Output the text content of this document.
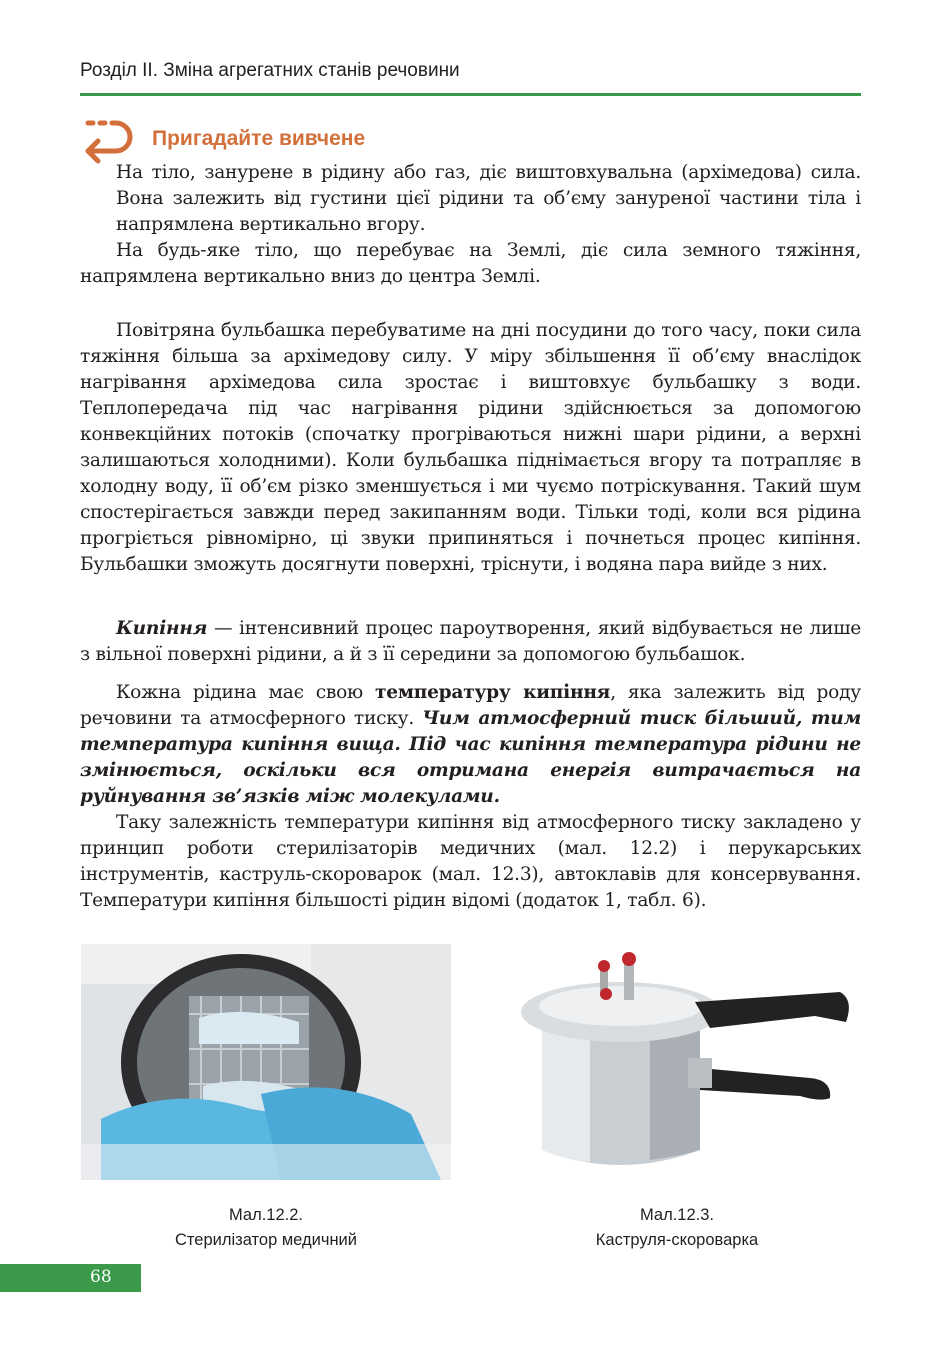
Розділ ІІ. Зміна агрегатних станів речовини
Пригадайте вивчене

На тіло, занурене в рідину або газ, діє виштовхувальна (архімедова) сила. Вона залежить від густини цієї рідини та об’єму зануреної частини тіла і напрямлена вертикально вгору.

На будь-яке тіло, що перебуває на Землі, діє сила земного тяжіння, напрямлена вертикально вниз до центра Землі.

Повітряна бульбашка перебуватиме на дні посудини до того часу, поки сила тяжіння більша за архімедову силу. У міру збільшення її об’єму внаслідок нагрівання архімедова сила зростає і виштовхує бульбашку з води. Теплопередача під час нагрівання рідини здійснюється за допомогою конвекційних потоків (спочатку прогріваються нижні шари рідини, а верхні залишаються холодними). Коли бульбашка піднімається вгору та потрапляє в холодну воду, її об’єм різко зменшується і ми чуємо потріскування. Такий шум спостерігається завжди перед закипанням води. Тільки тоді, коли вся рідина прогріється рівномірно, ці звуки припиняться і почнеться процес кипіння. Бульбашки зможуть досягнути поверхні, тріснути, і водяна пара вийде з них.

Кипіння — інтенсивний процес пароутворення, який відбувається не лише з вільної поверхні рідини, а й з її середини за допомогою бульбашок.

Кожна рідина має свою температуру кипіння, яка залежить від роду речовини та атмосферного тиску. Чим атмосферний тиск більший, тим температура кипіння вища. Під час кипіння температура рідини не змінюється, оскільки вся отримана енергія витрачається на руйнування зв’язків між молекулами.

Таку залежність температури кипіння від атмосферного тиску закладено у принцип роботи стерилізаторів медичних (мал. 12.2) і перукарських інструментів, каструль-скороварок (мал. 12.3), автоклавів для консервування. Температури кипіння більшості рідин відомі (додаток 1, табл. 6).

Мал.12.2.
Стерилізатор медичний
Мал.12.3.
Каструля-скороварка
68
